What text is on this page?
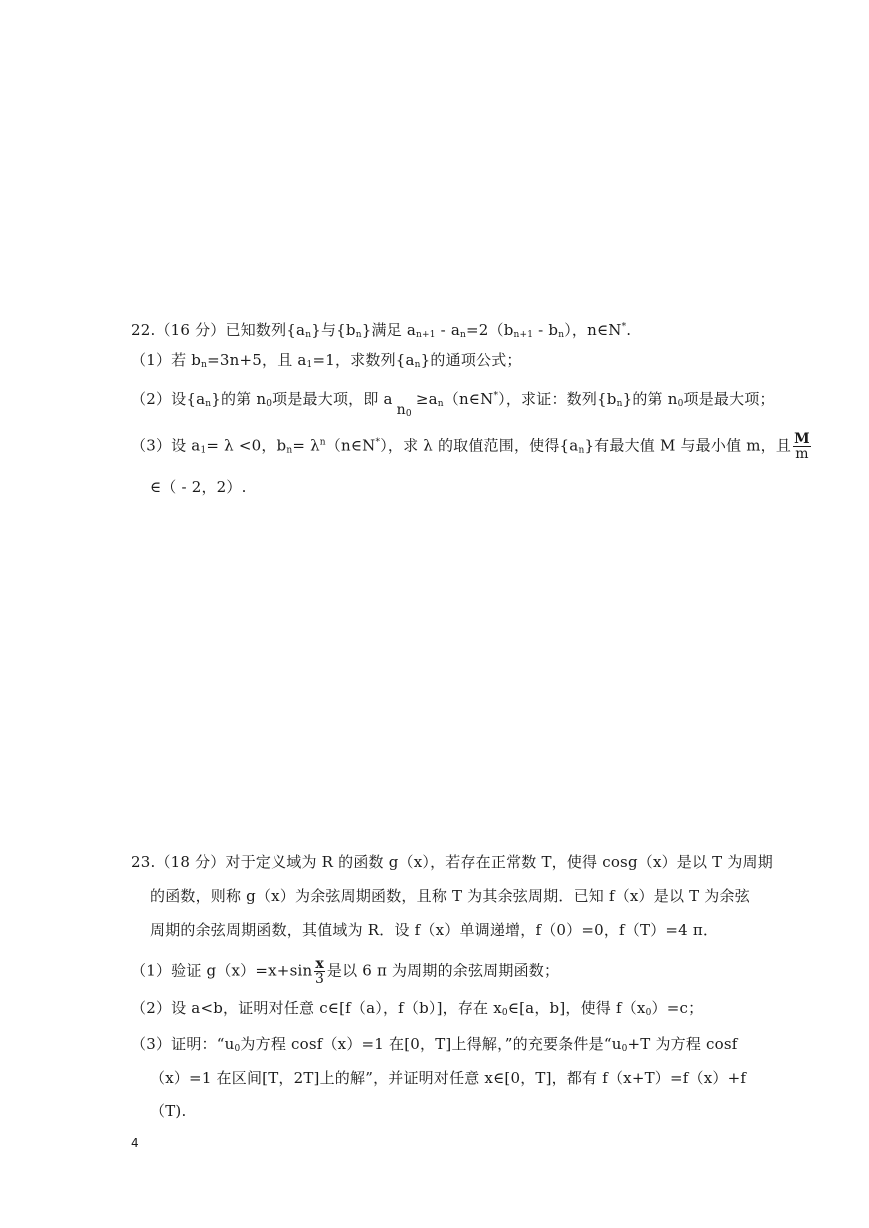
22.（16 分）已知数列$\{a_n\}$与$\{b_n\}$满足 $a_{n+1} - a_n=2(b_{n+1} - b_n)$，n∈N*.
（1）若 $b_n=3n+5$，且 $a_1=1$，求数列$\{a_n\}$的通项公式；
（2）设$\{a_n\}$的第 $n_0$项是最大项，即 $an0\ge a_n(n\in N^*)$，求证：数列$\{b_n\}$的第 $n_0$项是最大项；
（3）设 $a_1= \lambda <0$，$b_n=$ $\lambda^n(n\in N^*)$，求 λ 的取值范围，使得$\{a_n\}$有最大值 M 与最小值 m，且 $\frac{M}{m}$
∈（ - 2，2）.
23.（18 分）对于定义域为 R 的函数 g（x），若存在正常数 T，使得 cosg（x）是以 T 为周期
的函数，则称 g（x）为余弦周期函数，且称 T 为其余弦周期．已知 f（x）是以 T 为余弦
周期的余弦周期函数，其值域为 R．设 f（x）单调递增，f（0）=0，f（T）=4 π．
（1）验证 $g(x)=x+\sin \frac{x}{3}$ 是以 6 π 为周期的余弦周期函数；
（2）设 a<b，证明对任意 c∈[f（a），f（b）]，存在 $x_0\in[a$，b]，使得 $f(x_0)=c$；
（3）证明：“$u_0$为方程 cosf（x）=1 在[0，T]上得解，”的充要条件是“$u_0+T$ 为方程 cosf
（x）=1 在区间[T，2T]上的解”，并证明对任意 x∈[0，T]，都有 f（x+T）=f（x）+f
（T).
4
